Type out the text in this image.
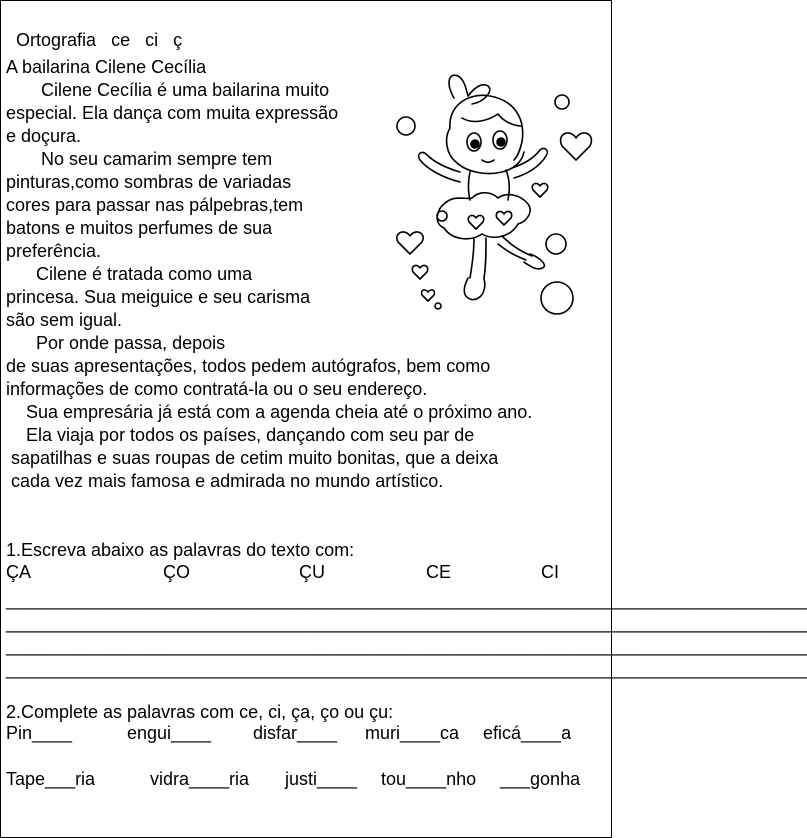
Ortografia ce   ci   ç

A bailarina Cilene Cecília
Cilene Cecília é uma bailarina muito
especial. Ela dança com muita expressão
e doçura.
No seu camarim sempre tem
pinturas,como sombras de variadas
cores para passar nas pálpebras,tem
batons e muitos perfumes de sua
preferência.
Cilene é tratada como uma
princesa. Sua meiguice e seu carisma
são sem igual.
Por onde passa, depois
de suas apresentações, todos pedem autógrafos, bem como
informações de como contratá-la ou o seu endereço.
Sua empresária já está com a agenda cheia até o próximo ano.
Ela viaja por todos os países, dançando com seu par de
sapatilhas e suas roupas de cetim muito bonitas, que a deixa
cada vez mais famosa e admirada no mundo artístico.
1.Escreva abaixo as palavras do texto com:
ÇA	ÇO	ÇU	CE	CI
________________________________________________________________________________
________________________________________________________________________________
________________________________________________________________________________
________________________________________________________________________________
2.Complete as palavras com ce, ci, ça, ço ou çu:
Pin____	engui____ disfar____ muri____ca eficá____a
Tape___ria	vidra____ria justi____ tou____nho ___gonha
